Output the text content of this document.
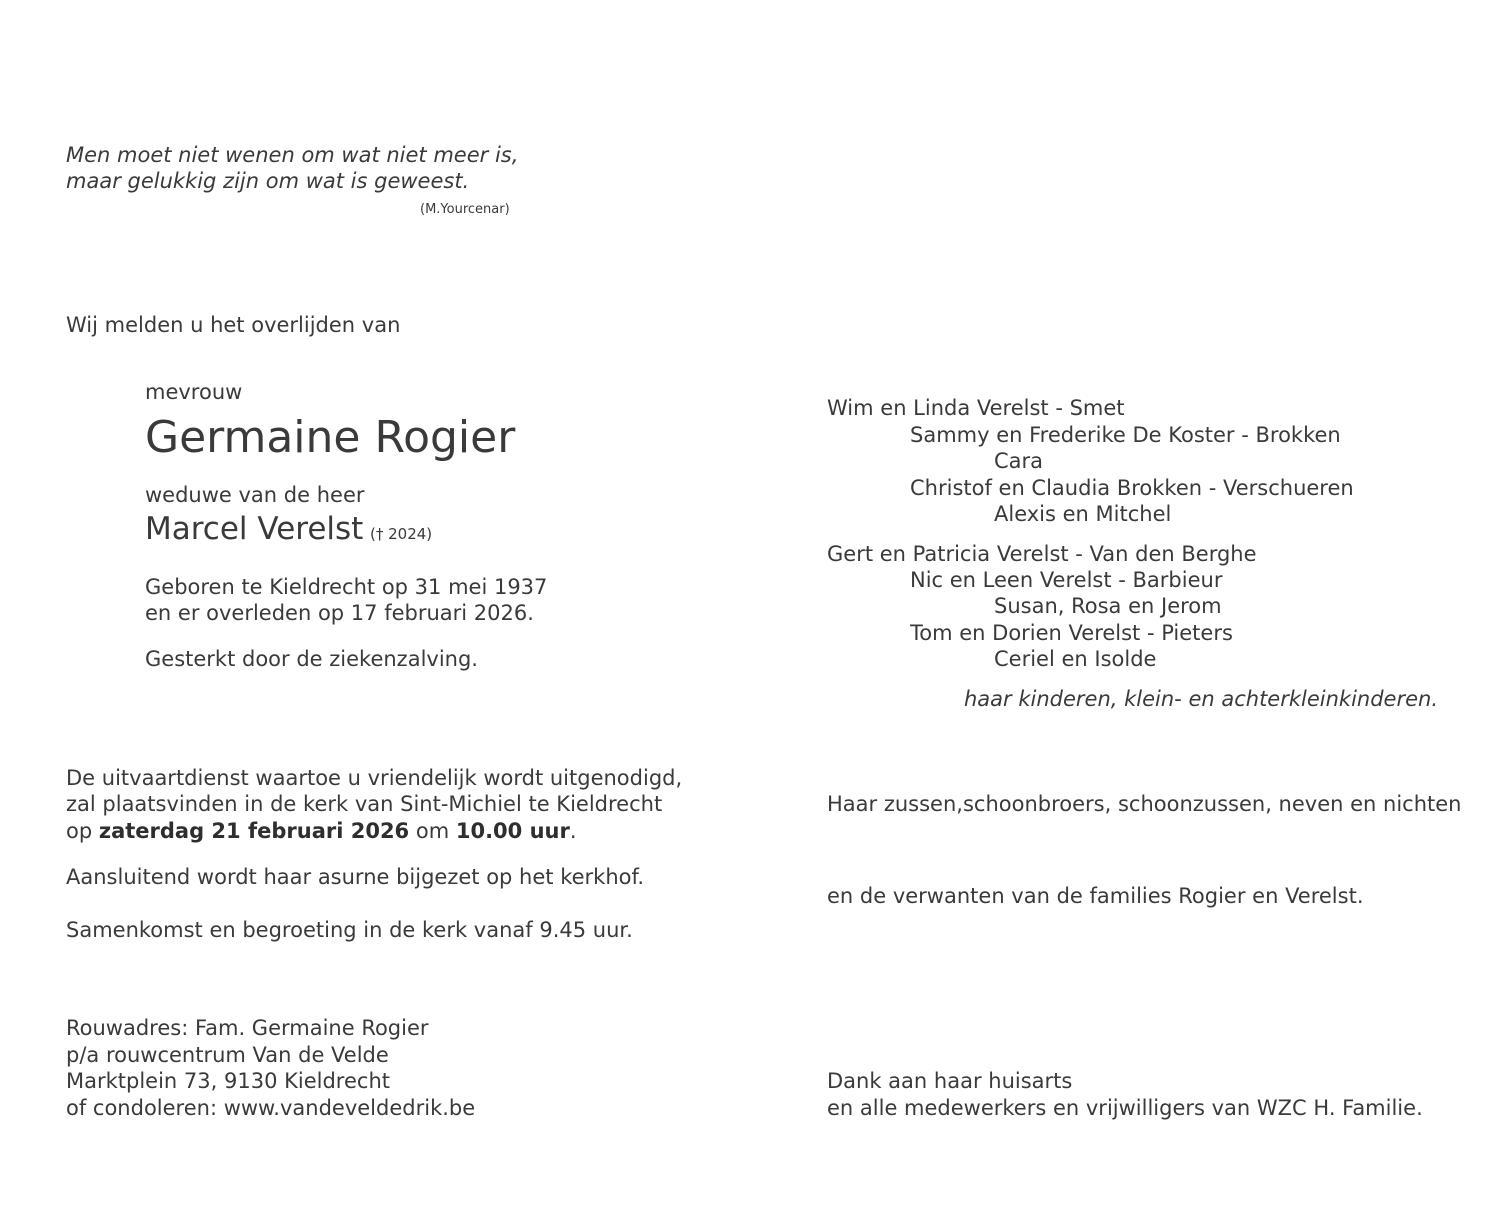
Men moet niet wenen om wat niet meer is,
maar gelukkig zijn om wat is geweest.
(M.Yourcenar)
Wij melden u het overlijden van
mevrouw
Germaine Rogier
weduwe van de heer
Marcel Verelst († 2024)
Geboren te Kieldrecht op 31 mei 1937
en er overleden op 17 februari 2026.
Gesterkt door de ziekenzalving.
Wim en Linda Verelst - Smet
Sammy en Frederike De Koster - Brokken
Cara
Christof en Claudia Brokken - Verschueren
Alexis en Mitchel
Gert en Patricia Verelst - Van den Berghe
Nic en Leen Verelst - Barbieur
Susan, Rosa en Jerom
Tom en Dorien Verelst - Pieters
Ceriel en Isolde
haar kinderen, klein- en achterkleinkinderen.
De uitvaartdienst waartoe u vriendelijk wordt uitgenodigd,
zal plaatsvinden in de kerk van Sint-Michiel te Kieldrecht
op zaterdag 21 februari 2026 om 10.00 uur.
Aansluitend wordt haar asurne bijgezet op het kerkhof.
Samenkomst en begroeting in de kerk vanaf 9.45 uur.
Haar zussen,schoonbroers, schoonzussen, neven en nichten
en de verwanten van de families Rogier en Verelst.
Rouwadres: Fam. Germaine Rogier
p/a rouwcentrum Van de Velde
Marktplein 73, 9130 Kieldrecht
of condoleren: www.vandeveldedrik.be
Dank aan haar huisarts
en alle medewerkers en vrijwilligers van WZC H. Familie.
